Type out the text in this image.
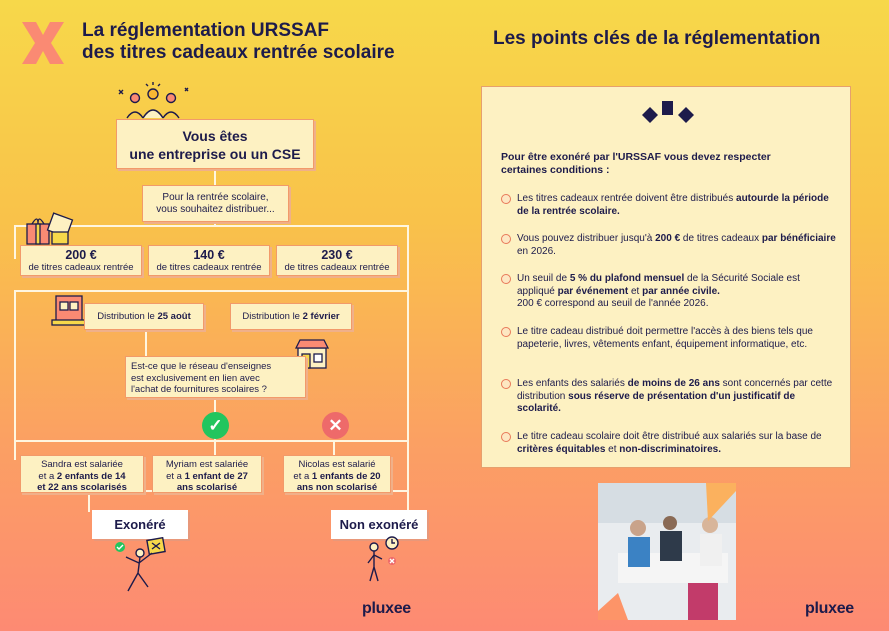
La réglementation URSSAF
des titres cadeaux rentrée scolaire
Les points clés de la réglementation
Vous êtes
une entreprise ou un CSE
Pour la rentrée scolaire,
vous souhaitez distribuer...
200 €
de titres cadeaux rentrée
140 €
de titres cadeaux rentrée
230 €
de titres cadeaux rentrée
Distribution le 25 août	Distribution le 2 février
Est-ce que le réseau d'enseignes
est exclusivement en lien avec
l'achat de fournitures scolaires ?
✓	✕
Sandra est salariée
et a 2 enfants de 14
et 22 ans scolarisés
Myriam est salariée
et a 1 enfant de 27
ans scolarisé
Nicolas est salarié
et a 1 enfants de 20
ans non scolarisé
Exonéré	Non exonéré
pluxee
Pour être exonéré par l'URSSAF vous devez respecter
certaines conditions :
Les titres cadeaux rentrée doivent être distribués autourde la période de la rentrée scolaire.
Vous pouvez distribuer jusqu'à 200 € de titres cadeaux par bénéficiaire en 2026.
Un seuil de 5 % du plafond mensuel de la Sécurité Sociale est appliqué par événement et par année civile.
200 € correspond au seuil de l'année 2026.
Le titre cadeau distribué doit permettre l'accès à des biens tels que papeterie, livres, vêtements enfant, équipement informatique, etc.
Les enfants des salariés de moins de 26 ans sont concernés par cette distribution sous réserve de présentation d'un justificatif de scolarité.
Le titre cadeau scolaire doit être distribué aux salariés sur la base de critères équitables et non-discriminatoires.
pluxee
